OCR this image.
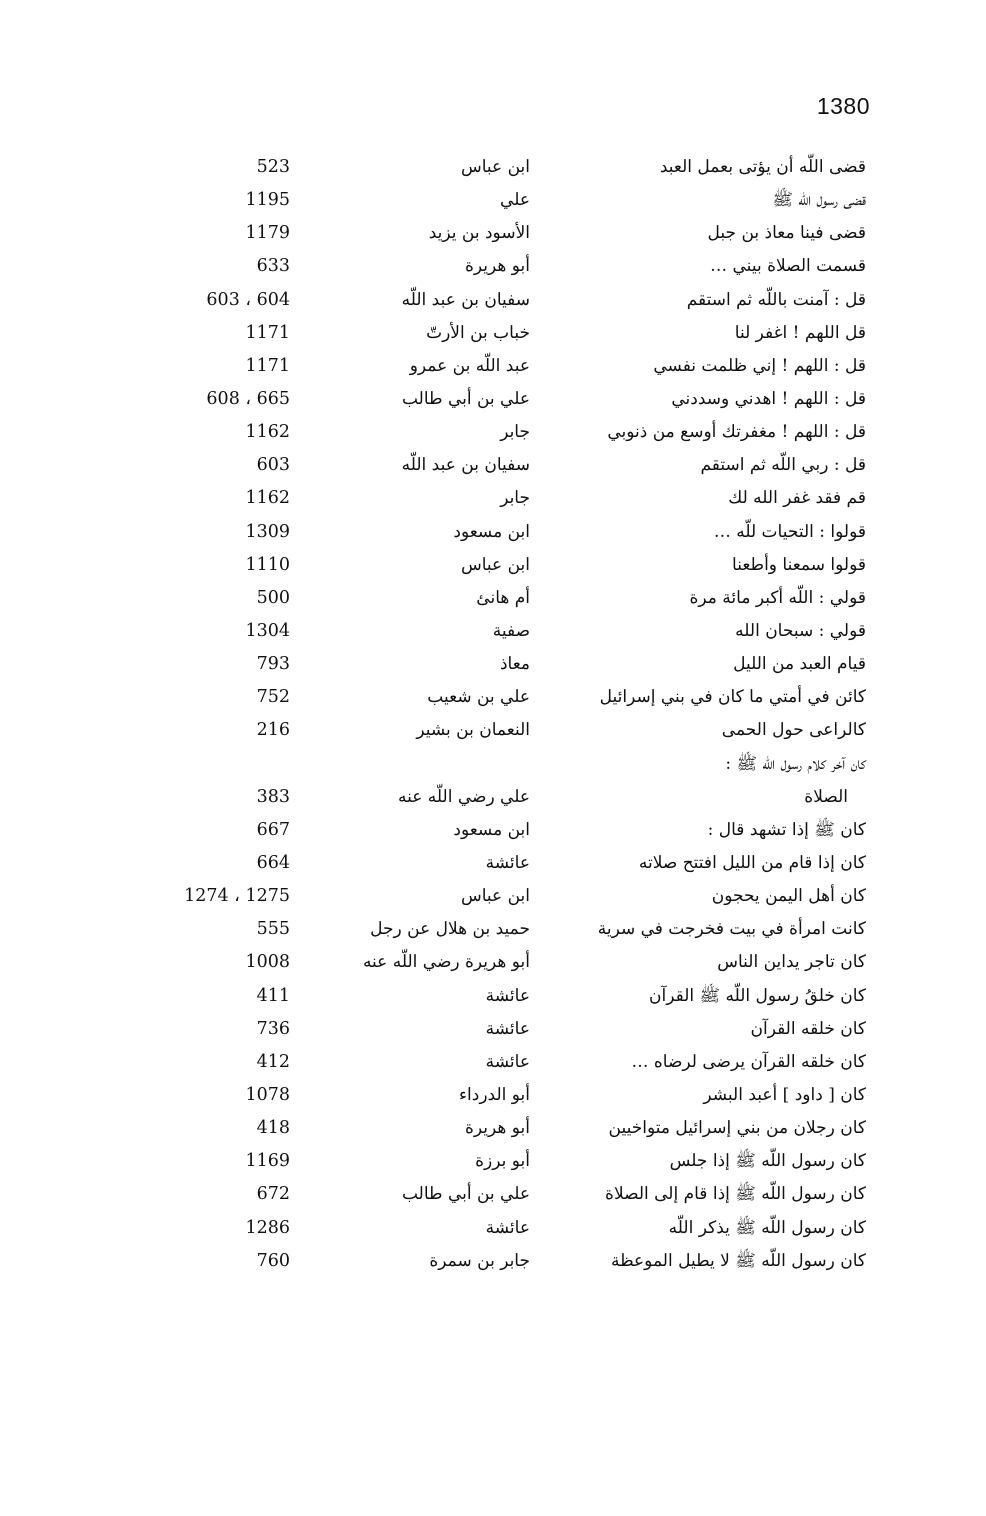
1380
قضى اللّه أن يؤتى بعمل العبد
ابن عباس
523
قضى رسول اللّه ﷺ
علي
1195
قضى فينا معاذ بن جبل
الأسود بن يزيد
1179
قسمت الصلاة بيني …
أبو هريرة
633
قل : آمنت باللّه ثم استقم
سفيان بن عبد اللّه
603 ، 604
قل اللهم ! اغفر لنا
خباب بن الأرتّ
1171
قل : اللهم ! إني ظلمت نفسي
عبد اللّه بن عمرو
1171
قل : اللهم ! اهدني وسددني
علي بن أبي طالب
608 ، 665
قل : اللهم ! مغفرتك أوسع من ذنوبي
جابر
1162
قل : ربي اللّه ثم استقم
سفيان بن عبد اللّه
603
قم فقد غفر الله لك
جابر
1162
قولوا : التحيات للّه …
ابن مسعود
1309
قولوا سمعنا وأطعنا
ابن عباس
1110
قولي : اللّه أكبر مائة مرة
أم هانئ
500
قولي : سبحان الله
صفية
1304
قيام العبد من الليل
معاذ
793
كائن في أمتي ما كان في بني إسرائيل
علي بن شعيب
752
كالراعى حول الحمى
النعمان بن بشير
216
كان آخر كلام رسول اللّه ﷺ :

الصلاة
علي رضي اللّه عنه
383
كان ﷺ إذا تشهد قال :
ابن مسعود
667
كان إذا قام من الليل افتتح صلاته
عائشة
664
كان أهل اليمن يحجون
ابن عباس
1274 ، 1275
كانت امرأة في بيت فخرجت في سرية
حميد بن هلال عن رجل
555
كان تاجر يداين الناس
أبو هريرة رضي اللّه عنه
1008
كان خلقُ رسول اللّه ﷺ القرآن
عائشة
411
كان خلقه القرآن
عائشة
736
كان خلقه القرآن يرضى لرضاه …
عائشة
412
كان [ داود ] أعبد البشر
أبو الدرداء
1078
كان رجلان من بني إسرائيل متواخيين
أبو هريرة
418
كان رسول اللّه ﷺ إذا جلس
أبو برزة
1169
كان رسول اللّه ﷺ إذا قام إلى الصلاة
علي بن أبي طالب
672
كان رسول اللّه ﷺ يذكر اللّه
عائشة
1286
كان رسول اللّه ﷺ لا يطيل الموعظة
جابر بن سمرة
760
